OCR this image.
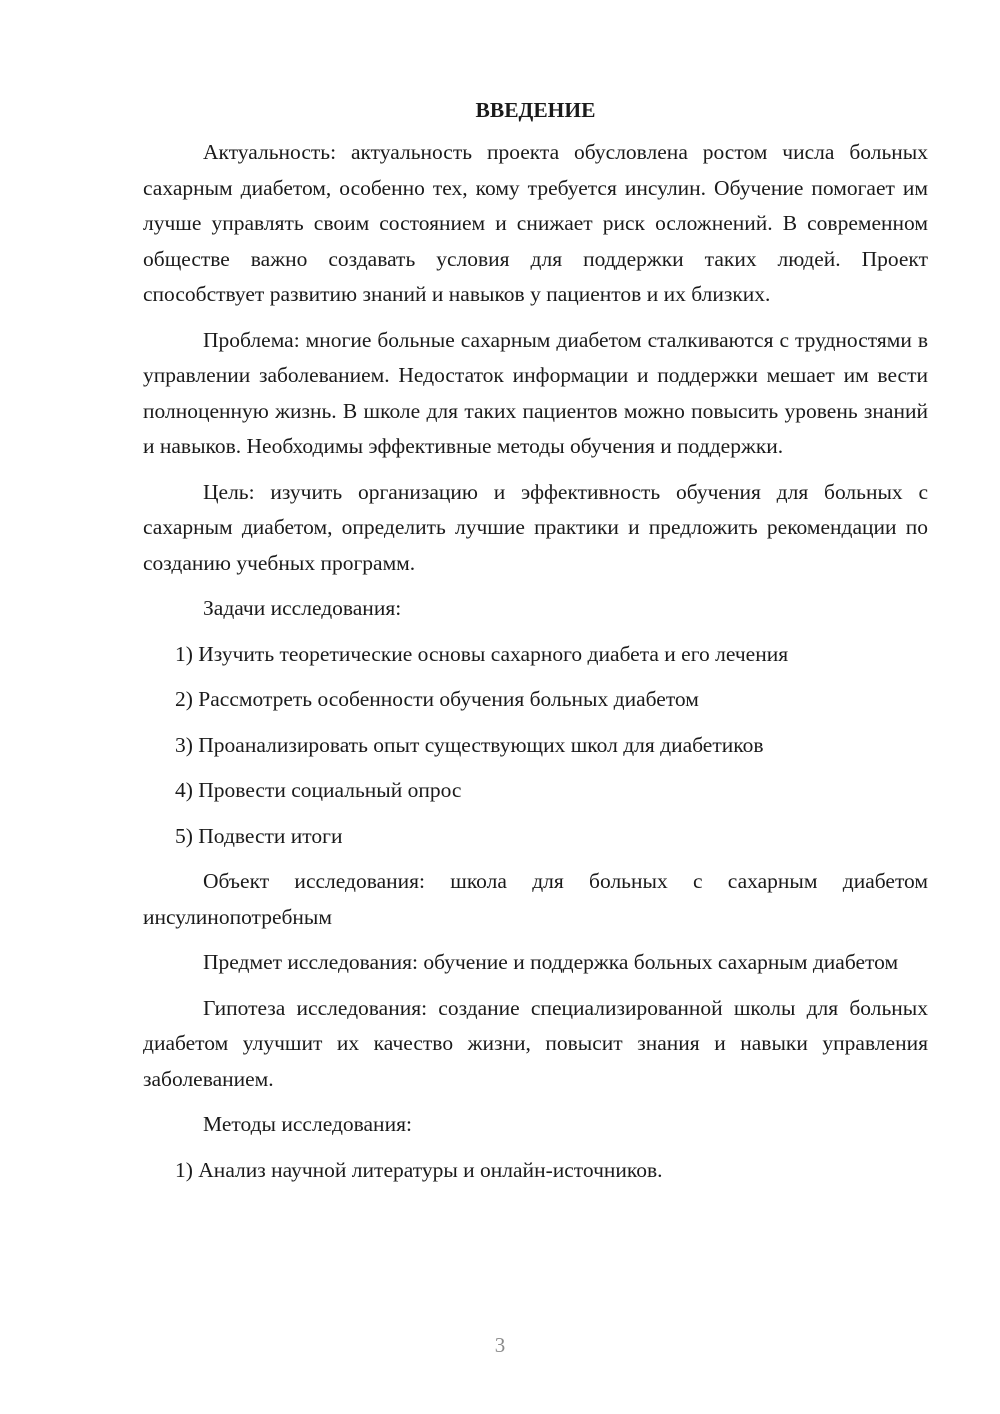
ВВЕДЕНИЕ

Актуальность: актуальность проекта обусловлена ростом числа больных сахарным диабетом, особенно тех, кому требуется инсулин. Обучение помогает им лучше управлять своим состоянием и снижает риск осложнений. В современном обществе важно создавать условия для поддержки таких людей. Проект способствует развитию знаний и навыков у пациентов и их близких.

Проблема: многие больные сахарным диабетом сталкиваются с трудностями в управлении заболеванием. Недостаток информации и поддержки мешает им вести полноценную жизнь. В школе для таких пациентов можно повысить уровень знаний и навыков. Необходимы эффективные методы обучения и поддержки.

Цель: изучить организацию и эффективность обучения для больных с сахарным диабетом, определить лучшие практики и предложить рекомендации по созданию учебных программ.

Задачи исследования:

1) Изучить теоретические основы сахарного диабета и его лечения

2) Рассмотреть особенности обучения больных диабетом

3) Проанализировать опыт существующих школ для диабетиков

4) Провести социальный опрос

5) Подвести итоги

Объект исследования: школа для больных с сахарным диабетом инсулинопотребным

Предмет исследования: обучение и поддержка больных сахарным диабетом

Гипотеза исследования: создание специализированной школы для больных диабетом улучшит их качество жизни, повысит знания и навыки управления заболеванием.

Методы исследования:

1) Анализ научной литературы и онлайн-источников.

3
